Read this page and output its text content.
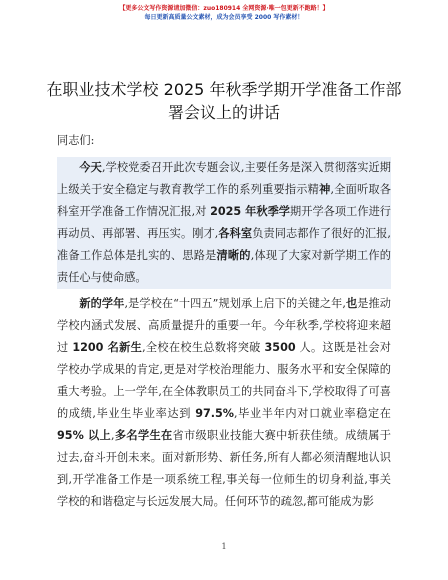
【更多公文写作资源请加微信：zuo180914 全网资源·唯一包更新不跑路！】
每日更新高质量公文素材，成为会员享受 2000 写作素材！
在职业技术学校 2025 年秋季学期开学准备工作部署会议上的讲话

同志们:

今天,学校党委召开此次专题会议,主要任务是深入贯彻落实近期上级关于安全稳定与教育教学工作的系列重要指示精神,全面听取各科室开学准备工作情况汇报,对 2025 年秋季学期开学各项工作进行再动员、再部署、再压实。刚才,各科室负责同志都作了很好的汇报,准备工作总体是扎实的、思路是清晰的,体现了大家对新学期工作的责任心与使命感。

新的学年,是学校在“十四五”规划承上启下的关键之年,也是推动学校内涵式发展、高质量提升的重要一年。今年秋季,学校将迎来超过 1200 名新生,全校在校生总数将突破 3500 人。这既是社会对学校办学成果的肯定,更是对学校治理能力、服务水平和安全保障的重大考验。上一学年,在全体教职员工的共同奋斗下,学校取得了可喜的成绩,毕业生毕业率达到 97.5%,毕业半年内对口就业率稳定在 95% 以上,多名学生在省市级职业技能大赛中斩获佳绩。成绩属于过去,奋斗开创未来。面对新形势、新任务,所有人都必须清醒地认识到,开学准备工作是一项系统工程,事关每一位师生的切身利益,事关学校的和谐稳定与长远发展大局。任何环节的疏忽,都可能成为影

1
